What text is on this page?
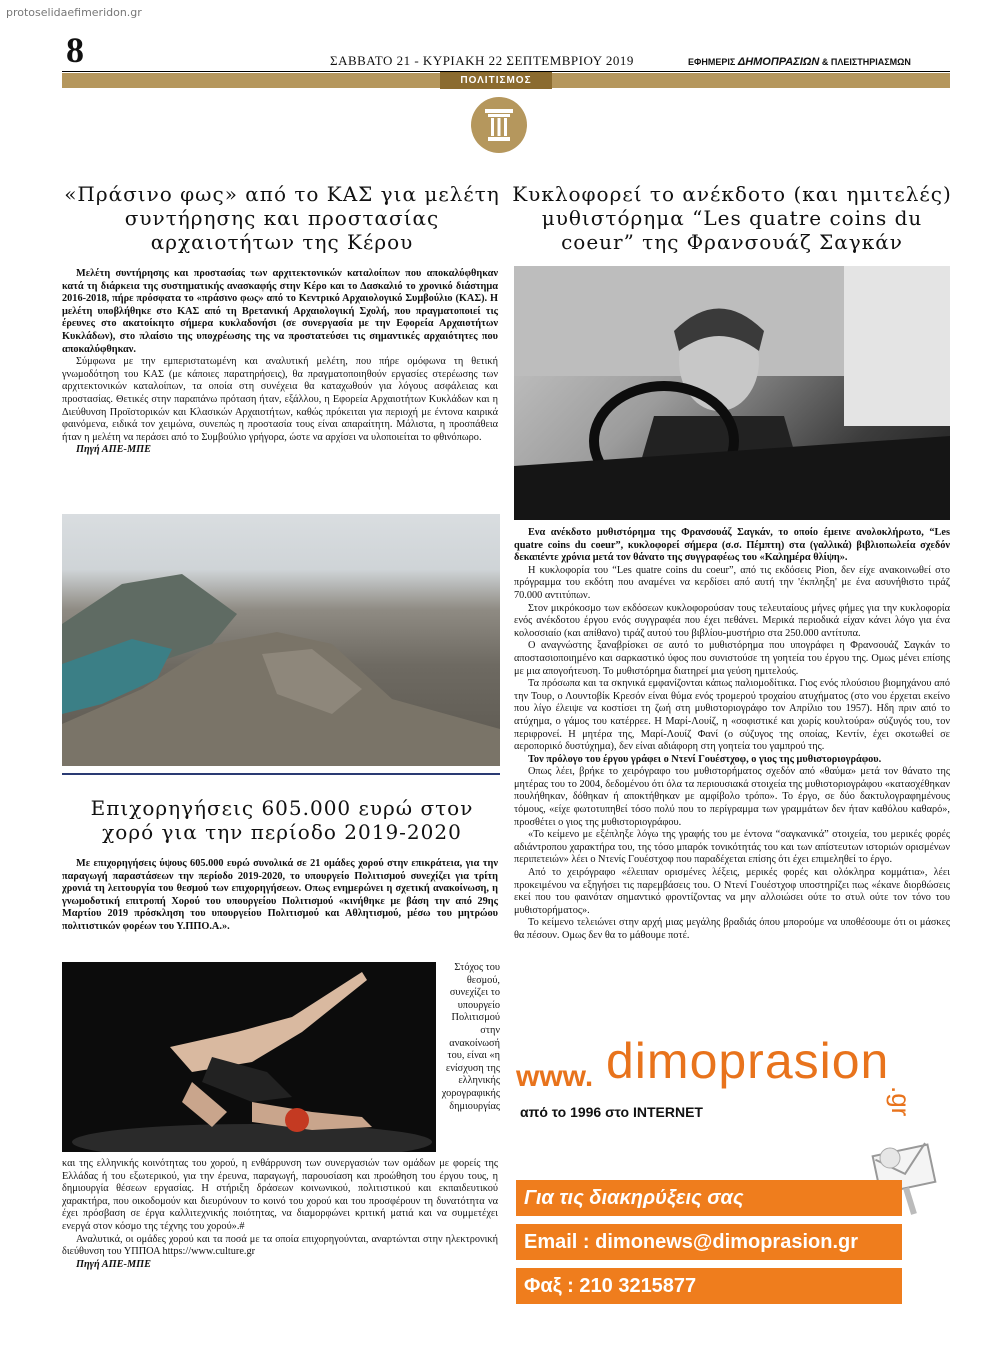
protoselidaefimeridon.gr
8	ΣΑΒΒΑΤΟ 21 - ΚΥΡΙΑΚΗ 22 ΣΕΠΤΕΜΒΡΙΟΥ 2019	ΕΦΗΜΕΡΙΣ ΔΗΜΟΠΡΑΣΙΩΝ & ΠΛΕΙΣΤΗΡΙΑΣΜΩΝ
ΠΟΛΙΤΙΣΜΟΣ
«Πράσινο φως» από το ΚΑΣ για μελέτη συντήρησης και προστασίας αρχαιοτήτων της Κέρου

Μελέτη συντήρησης και προστασίας των αρχιτεκτονικών καταλοίπων που αποκαλύφθηκαν κατά τη διάρκεια της συστηματικής ανασκαφής στην Κέρο και το Δασκαλιό το χρονικό διάστημα 2016-2018, πήρε πρόσφατα το «πράσινο φως» από το Κεντρικό Αρχαιολογικό Συμβούλιο (ΚΑΣ). Η μελέτη υποβλήθηκε στο ΚΑΣ από τη Βρετανική Αρχαιολογική Σχολή, που πραγματοποιεί τις έρευνες στο ακατοίκητο σήμερα κυκλαδονήσι (σε συνεργασία με την Εφορεία Αρχαιοτήτων Κυκλάδων), στο πλαίσιο της υποχρέωσης της να προστατεύσει τις σημαντικές αρχαιότητες που αποκαλύφθηκαν.

Σύμφωνα με την εμπεριστατωμένη και αναλυτική μελέτη, που πήρε ομόφωνα τη θετική γνωμοδότηση του ΚΑΣ (με κάποιες παρατηρήσεις), θα πραγματοποιηθούν εργασίες στερέωσης των αρχιτεκτονικών καταλοίπων, τα οποία στη συνέχεια θα καταχωθούν για λόγους ασφάλειας και προστασίας. Θετικές στην παραπάνω πρόταση ήταν, εξάλλου, η Εφορεία Αρχαιοτήτων Κυκλάδων και η Διεύθυνση Προϊστορικών και Κλασικών Αρχαιοτήτων, καθώς πρόκειται για περιοχή με έντονα καιρικά φαινόμενα, ειδικά τον χειμώνα, συνεπώς η προστασία τους είναι απαραίτητη. Μάλιστα, η προσπάθεια ήταν η μελέτη να περάσει από το Συμβούλιο γρήγορα, ώστε να αρχίσει να υλοποιείται το φθινόπωρο.

Πηγή ΑΠΕ-ΜΠΕ

Επιχορηγήσεις 605.000 ευρώ στον χορό για την περίοδο 2019-2020

Με επιχορηγήσεις ύψους 605.000 ευρώ συνολικά σε 21 ομάδες χορού στην επικράτεια, για την παραγωγή παραστάσεων την περίοδο 2019-2020, το υπουργείο Πολιτισμού συνεχίζει για τρίτη χρονιά τη λειτουργία του θεσμού των επιχορηγήσεων. Οπως ενημερώνει η σχετική ανακοίνωση, η γνωμοδοτική επιτροπή Χορού του υπουργείου Πολιτισμού «κινήθηκε με βάση την από 29ης Μαρτίου 2019 πρόσκληση του υπουργείου Πολιτισμού και Αθλητισμού, μέσω του μητρώου πολιτιστικών φορέων του Υ.ΠΠΟ.Α.».

Στόχος του θεσμού, συνεχίζει το υπουργείο Πολιτισμού στην ανακοίνωσή του, είναι «η ενίσχυση της ελληνικής χορογραφικής δημιουργίας

και της ελληνικής κοινότητας του χορού, η ενθάρρυνση των συνεργασιών των ομάδων με φορείς της Ελλάδας ή του εξωτερικού, για την έρευνα, παραγωγή, παρουσίαση και προώθηση του έργου τους, η δημιουργία θέσεων εργασίας. Η στήριξη δράσεων κοινωνικού, πολιτιστικού και εκπαιδευτικού χαρακτήρα, που οικοδομούν και διευρύνουν το κοινό του χορού και του προσφέρουν τη δυνατότητα να έχει πρόσβαση σε έργα καλλιτεχνικής ποιότητας, να διαμορφώνει κριτική ματιά και να συμμετέχει ενεργά στον κόσμο της τέχνης του χορού».#

Αναλυτικά, οι ομάδες χορού και τα ποσά με τα οποία επιχορηγούνται, αναρτώνται στην ηλεκτρονική διεύθυνση του ΥΠΠΟΑ https://www.culture.gr

Πηγή ΑΠΕ-ΜΠΕ

Κυκλοφορεί το ανέκδοτο (και ημιτελές) μυθιστόρημα “Les quatre coins du coeur” της Φρανσουάζ Σαγκάν

Ενα ανέκδοτο μυθιστόρημα της Φρανσουάζ Σαγκάν, το οποίο έμεινε ανολοκλήρωτο, “Les quatre coins du coeur”, κυκλοφορεί σήμερα (σ.σ. Πέμπτη) στα (γαλλικά) βιβλιοπωλεία σχεδόν δεκαπέντε χρόνια μετά τον θάνατο της συγγραφέως του «Καλημέρα θλίψη».

Η κυκλοφορία του “Les quatre coins du coeur”, από τις εκδόσεις Pion, δεν είχε ανακοινωθεί στο πρόγραμμα του εκδότη που αναμένει να κερδίσει από αυτή την 'έκπληξη' με ένα ασυνήθιστο τιράζ 70.000 αντιτύπων.

Στον μικρόκοσμο των εκδόσεων κυκλοφορούσαν τους τελευταίους μήνες φήμες για την κυκλοφορία ενός ανέκδοτου έργου ενός συγγραφέα που έχει πεθάνει. Μερικά περιοδικά είχαν κάνει λόγο για ένα κολοσσιαίο (και απίθανο) τιράζ αυτού του βιβλίου-μυστήριο στα 250.000 αντίτυπα.

Ο αναγνώστης ξαναβρίσκει σε αυτό το μυθιστόρημα που υπογράφει η Φρανσουάζ Σαγκάν το αποστασιοποιημένο και σαρκαστικό ύφος που συνιστούσε τη γοητεία του έργου της. Ομως μένει επίσης με μια απογοήτευση. Το μυθιστόρημα διατηρεί μια γεύση ημιτελούς.

Τα πρόσωπα και τα σκηνικά εμφανίζονται κάπως παλιομοδίτικα. Γιος ενός πλούσιου βιομηχάνου από την Τουρ, ο Λουντοβίκ Κρεσόν είναι θύμα ενός τρομερού τροχαίου ατυχήματος (στο νου έρχεται εκείνο που λίγο έλειψε να κοστίσει τη ζωή στη μυθιστοριογράφο τον Απρίλιο του 1957). Ηδη πριν από το ατύχημα, ο γάμος του κατέρρεε. Η Μαρί-Λουίζ, η «σοφιστικέ και χωρίς κουλτούρα» σύζυγός του, τον περιφρονεί. Η μητέρα της, Μαρί-Λουίζ Φανί (ο σύζυγος της οποίας, Κεντίν, έχει σκοτωθεί σε αεροπορικό δυστύχημα), δεν είναι αδιάφορη στη γοητεία του γαμπρού της.

Τον πρόλογο του έργου γράφει ο Ντενί Γουέστχοφ, ο γιος της μυθιστοριογράφου.

Οπως λέει, βρήκε το χειρόγραφο του μυθιστορήματος σχεδόν από «θαύμα» μετά τον θάνατο της μητέρας του το 2004, δεδομένου ότι όλα τα περιουσιακά στοιχεία της μυθιστοριογράφου «κατασχέθηκαν πουλήθηκαν, δόθηκαν ή αποκτήθηκαν με αμφίβολο τρόπο». Το έργο, σε δύο δακτυλογραφημένους τόμους, «είχε φωτοτυπηθεί τόσο πολύ που το περίγραμμα των γραμμάτων δεν ήταν καθόλου καθαρό», προσθέτει ο γιος της μυθιστοριογράφου.

«Το κείμενο με εξέπληξε λόγω της γραφής του με έντονα “σαγκανικά” στοιχεία, του μερικές φορές αδιάντροπου χαρακτήρα του, της τόσο μπαρόκ τονικότητάς του και των απίστευτων ιστοριών ορισμένων περιπετειών» λέει ο Ντενίς Γουέστχοφ που παραδέχεται επίσης ότι έχει επιμεληθεί το έργο.

Από το χειρόγραφο «έλειπαν ορισμένες λέξεις, μερικές φορές και ολόκληρα κομμάτια», λέει προκειμένου να εξηγήσει τις παρεμβάσεις του. Ο Ντενί Γουέστχοφ υποστηρίζει πως «έκανε διορθώσεις εκεί που του φαινόταν σημαντικό φροντίζοντας να μην αλλοιώσει ούτε το στυλ ούτε τον τόνο του μυθιστορήματος».

Το κείμενο τελειώνει στην αρχή μιας μεγάλης βραδιάς όπου μπορούμε να υποθέσουμε ότι οι μάσκες θα πέσουν. Ομως δεν θα το μάθουμε ποτέ.

dimoprasion
www.
.gr
από το 1996 στο INTERNET
Για τις διακηρύξεις σας
Email : dimonews@dimoprasion.gr
Φαξ : 210 3215877
